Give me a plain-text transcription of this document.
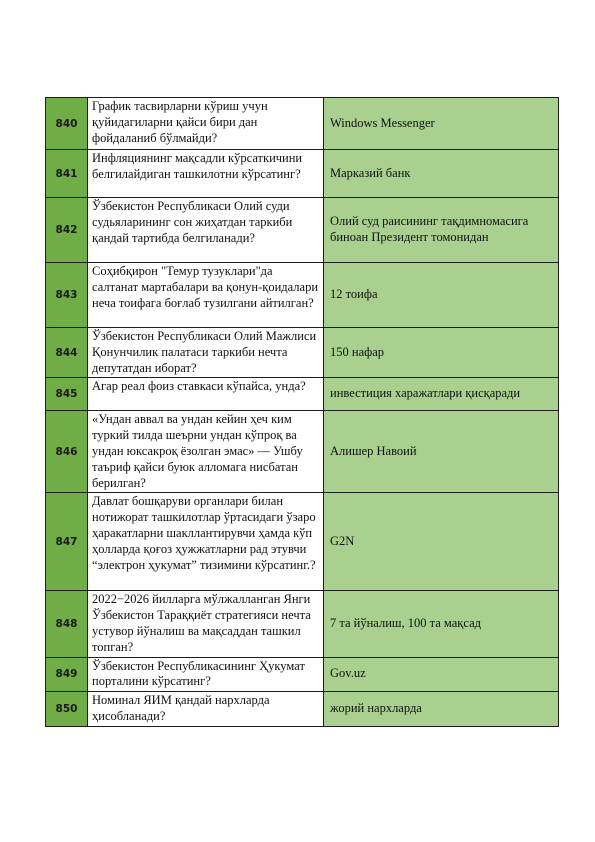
840	График тасвирларни кўриш учун қуйидагиларни қайси бири дан фойдаланиб бўлмайди?	Windows Messenger
841	Инфляциянинг мақсадли кўрсаткичини белгилайдиган ташкилотни кўрсатинг?	Марказий банк
842	Ўзбекистон Республикаси Олий суди судьяларининг сон жиҳатдан таркиби қандай тартибда белгиланади?	Олий суд раисининг тақдимномасига биноан Президент томонидан
843	Соҳибқирон "Темур тузуклари"да салтанат мартабалари ва қонун-қоидалари неча тоифага боғлаб тузилгани айтилган?	12 тоифа
844	Ўзбекистон Республикаси Олий Мажлиси Қонунчилик палатаси таркиби нечта депутатдан иборат?	150 нафар
845	Агар реал фоиз ставкаси кўпайса, унда?	инвестиция харажатлари қисқаради
846	«Ундан аввал ва ундан кейин ҳеч ким туркий тилда шеърни ундан кўпроқ ва ундан юксакроқ ёзолган эмас» — Ушбу таъриф қайси буюк алломага нисбатан берилган?	Алишер Навоий
847	Давлат бошқаруви органлари билан нотижорат ташкилотлар ўртасидаги ўзаро ҳаракатларни шакллантирувчи ҳамда кўп ҳолларда қоғоз ҳужжатларни рад этувчи “электрон ҳукумат” тизимини кўрсатинг.?	G2N
848	2022−2026 йилларга мўлжалланган Янги Ўзбекистон Тараққиёт стратегияси нечта устувор йўналиш ва мақсаддан ташкил топган?	7 та йўналиш, 100 та мақсад
849	Ўзбекистон Республикасининг Ҳукумат порталини кўрсатинг?	Gov.uz
850	Номинал ЯИМ қандай нархларда ҳисобланади?	жорий нархларда
